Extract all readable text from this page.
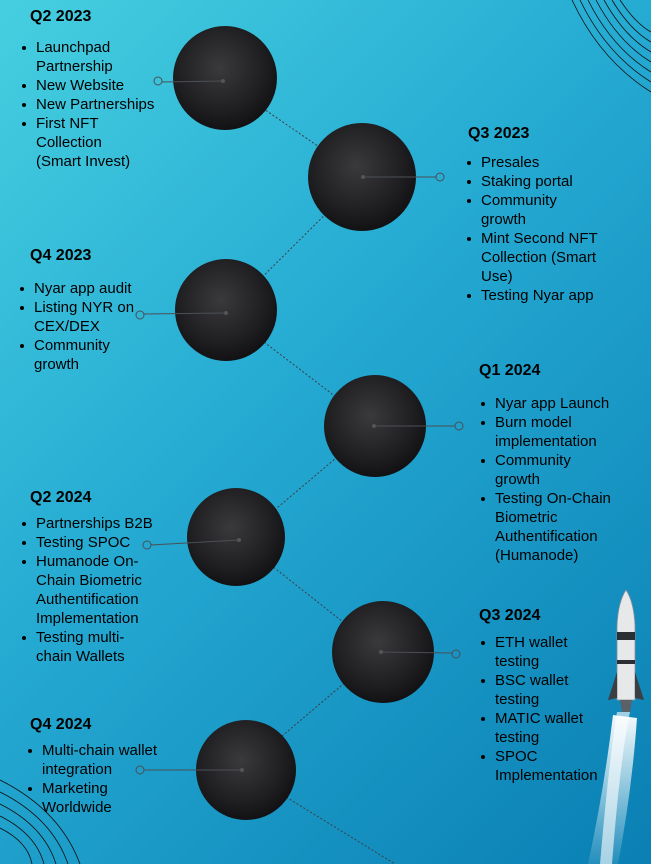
Q2 2023
Launchpad
Partnership
New Website
New Partnerships
First NFT
Collection
(Smart Invest)
Q3 2023
Presales
Staking portal
Community
growth
Mint Second NFT
Collection (Smart
Use)
Testing Nyar app
Q4 2023
Nyar app audit
Listing NYR on
CEX/DEX
Community
growth	Q1 2024
Nyar app Launch
Burn model
implementation
Community
growth
Testing On-Chain
Biometric
Authentification
(Humanode)
Q2 2024
Partnerships B2B
Testing SPOC
Humanode On-
Chain Biometric
Authentification
Implementation
Testing multi-
chain Wallets
Q3 2024
ETH wallet
testing
BSC wallet
testing
MATIC wallet
testing
SPOC
Implementation
Q4 2024
Multi-chain wallet
integration
Marketing
Worldwide
